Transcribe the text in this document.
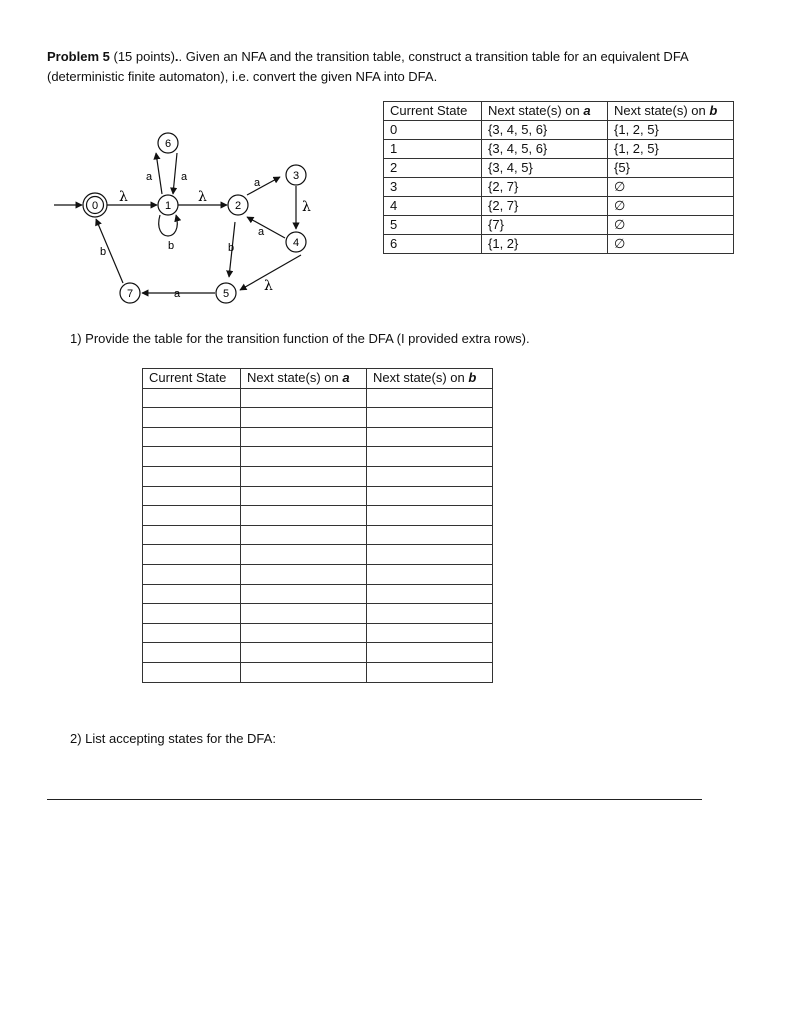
Problem 5 (15 points).. Given an NFA and the transition table, construct a transition table for an equivalent DFA (deterministic finite automaton), i.e. convert the given NFA into DFA.
λ	λ
a	a
b
a
λ
a
b
λ
a
b
0	1	2
3
4
5
6
7
Current State	Next state(s) on a	Next state(s) on b
0	{3, 4, 5, 6}	{1, 2, 5}
1	{3, 4, 5, 6}	{1, 2, 5}
2	{3, 4, 5}	{5}
3	{2, 7}	∅
4	{2, 7}	∅
5	{7}	∅
6	{1, 2}	∅
1) Provide the table for the transition function of the DFA (I provided extra rows).
Current State	Next state(s) on a	Next state(s) on b

2) List accepting states for the DFA:
